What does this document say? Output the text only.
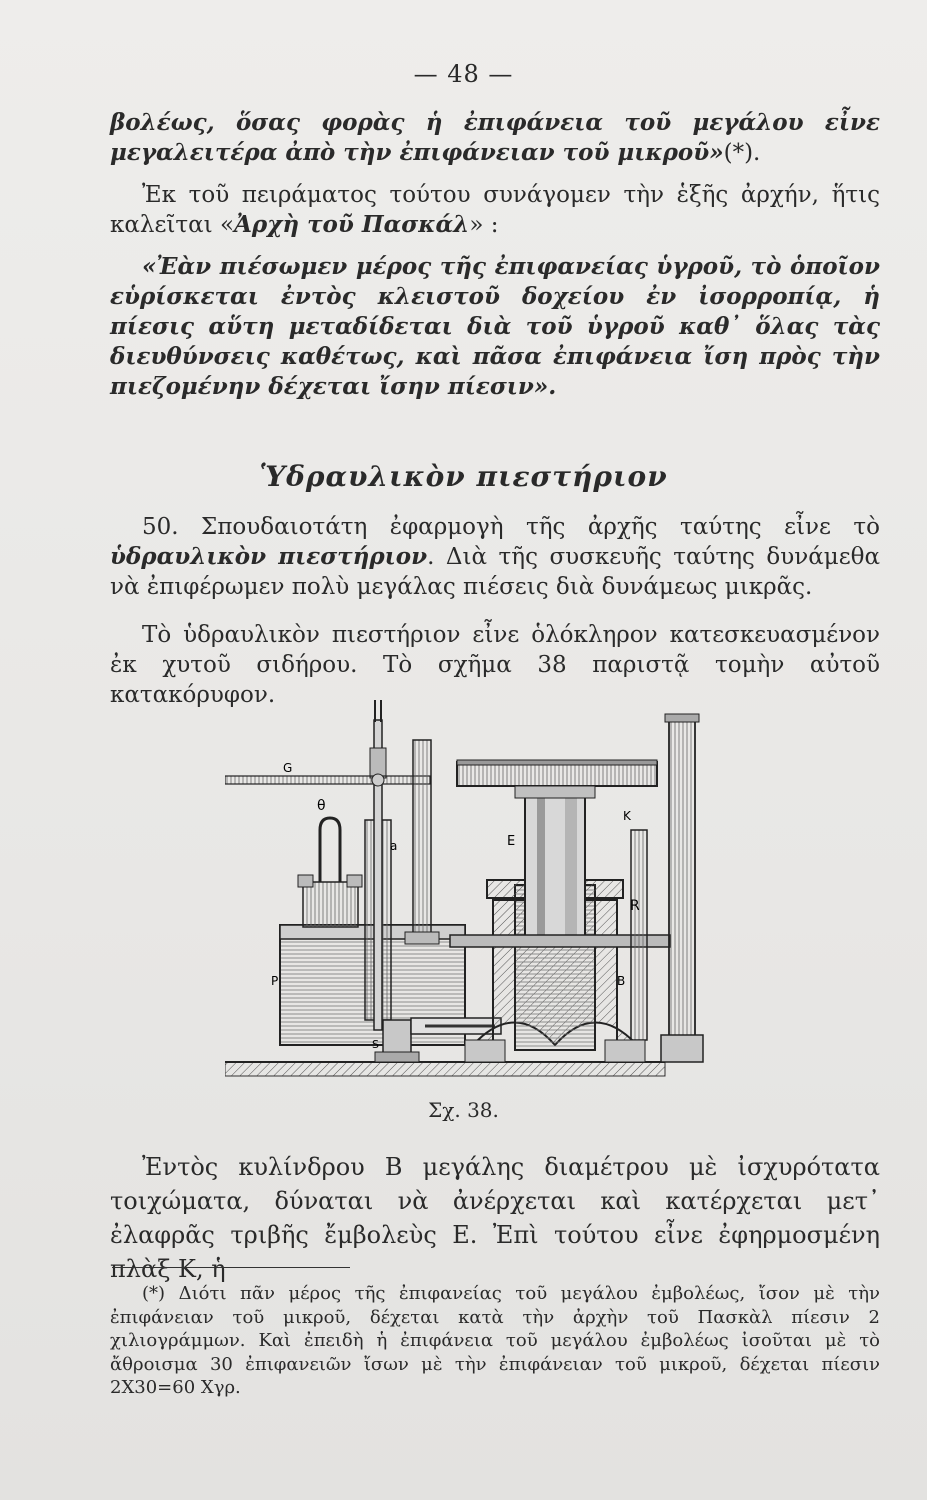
— 48 —

βολέως, ὅσας φορὰς ἡ ἐπιφάνεια τοῦ μεγάλου εἶνε μεγαλειτέρα ἀπὸ τὴν ἐπιφάνειαν τοῦ μικροῦ»(*).

Ἐκ τοῦ πειράματος τούτου συνάγομεν τὴν ἑξῆς ἀρχήν, ἥτις καλεῖται «Ἀρχὴ τοῦ Πασκάλ» :

«Ἐὰν πιέσωμεν μέρος τῆς ἐπιφανείας ὑγροῦ, τὸ ὁποῖον εὑρίσκεται ἐντὸς κλειστοῦ δοχείου ἐν ἰσορροπίᾳ, ἡ πίεσις αὕτη μεταδίδεται διὰ τοῦ ὑγροῦ καθ᾽ ὅλας τὰς διευθύνσεις καθέτως, καὶ πᾶσα ἐπιφάνεια ἴση πρὸς τὴν πιεζομένην δέχεται ἴσην πίεσιν».

Ὑδραυλικὸν πιεστήριον

50. Σπουδαιοτάτη ἐφαρμογὴ τῆς ἀρχῆς ταύτης εἶνε τὸ ὑδραυλικὸν πιεστήριον. Διὰ τῆς συσκευῆς ταύτης δυνάμεθα νὰ ἐπιφέρωμεν πολὺ μεγάλας πιέσεις διὰ δυνάμεως μικρᾶς.

Τὸ ὑδραυλικὸν πιεστήριον εἶνε ὁλόκληρον κατεσκευασμένον ἐκ χυτοῦ σιδήρου. Τὸ σχῆμα 38 παριστᾷ τομὴν αὐτοῦ κατακόρυφον.

G
θ
a	E
K
R
P	B
S
Σχ. 38.

Ἐντὸς κυλίνδρου Β μεγάλης διαμέτρου μὲ ἰσχυρότατα τοιχώματα, δύναται νὰ ἀνέρχεται καὶ κατέρχεται μετ᾽ ἐλαφρᾶς τριβῆς ἔμβολεὺς Ε. Ἐπὶ τούτου εἶνε ἐφηρμοσμένη πλὰξ Κ, ἡ

(*) Διότι πᾶν μέρος τῆς ἐπιφανείας τοῦ μεγάλου ἐμβολέως, ἴσον μὲ τὴν ἐπιφάνειαν τοῦ μικροῦ, δέχεται κατὰ τὴν ἀρχὴν τοῦ Πασκὰλ πίεσιν 2 χιλιογράμμων. Καὶ ἐπειδὴ ἡ ἐπιφάνεια τοῦ μεγάλου ἐμβολέως ἰσοῦται μὲ τὸ ἄθροισμα 30 ἐπιφανειῶν ἴσων μὲ τὴν ἐπιφάνειαν τοῦ μικροῦ, δέχεται πίεσιν 2Χ30=60 Χγρ.
